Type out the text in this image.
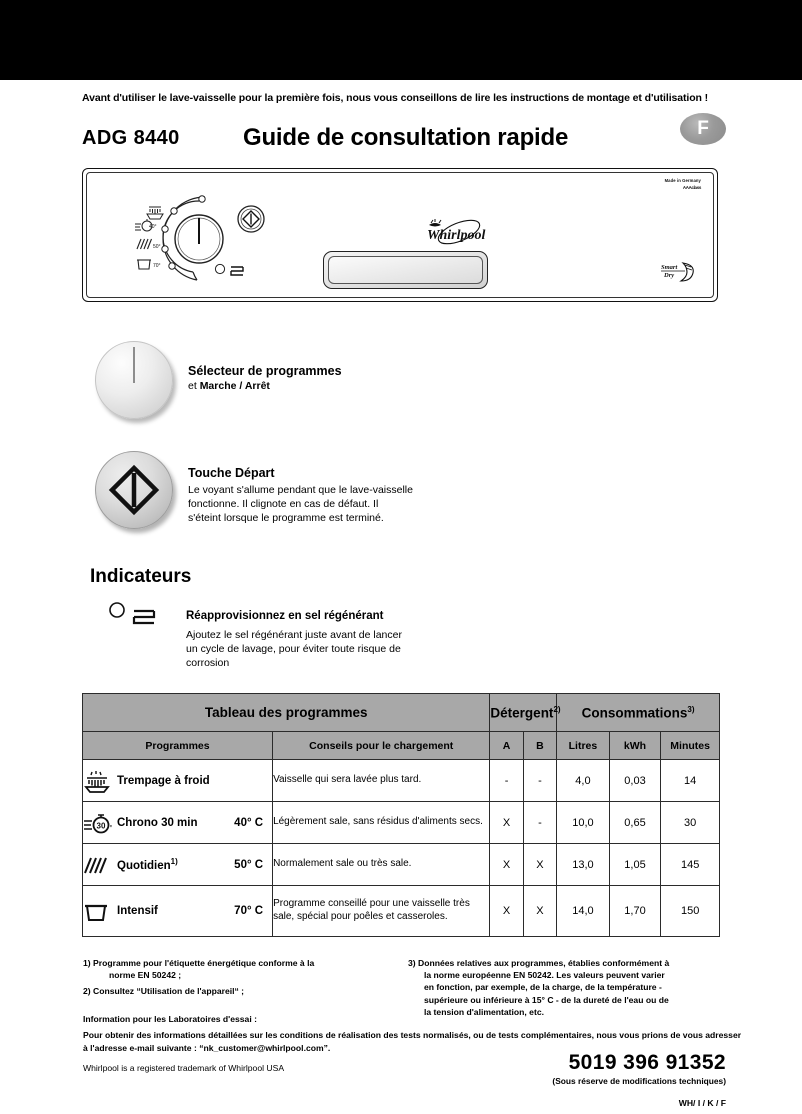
Avant d'utiliser le lave-vaisselle pour la première fois, nous vous conseillons de lire les instructions de montage et d'utilisation !
ADG 8440	Guide de consultation rapide	F
Made in Germany
AAAclass
40°
50°
70°
Whirlpool
Smart
Dry
Sélecteur de programmes
et Marche / Arrêt
Touche Départ
Le voyant s'allume pendant que le lave-vaisselle fonctionne. Il clignote en cas de défaut. Il s'éteint lorsque le programme est terminé.
Indicateurs
Réapprovisionnez en sel régénérant
Ajoutez le sel régénérant juste avant de lancer un cycle de lavage, pour éviter toute risque de corrosion
Tableau des programmes		Détergent$^{2)}$		Consommations$^{3)}$
Programmes	Conseils pour le chargement	A	B	Litres	kWh	Minutes

Trempage à froid	Vaisselle qui sera lavée plus tard.	-	-	4,0	0,03	14

30 ' Chrono 30 min 40° C	Légèrement sale, sans résidus d'aliments secs.	X	-	10,0	0,65	30

Quotidien$^{1)}$ 50° C	Normalement sale ou très sale.	X	X	13,0	1,05	145

Intensif 70° C	Programme conseillé pour une vaisselle très sale, spécial pour poêles et casseroles.	X	X	14,0	1,70	150
1) Programme pour l'étiquette énergétique conforme à la
norme EN 50242 ;
2) Consultez “Utilisation de l'appareil“ ;
3) Données relatives aux programmes, établies conformément à
la norme européenne EN 50242. Les valeurs peuvent varier
en fonction, par exemple, de la charge, de la température -
supérieure ou inférieure à 15° C - de la dureté de l'eau ou de
la tension d'alimentation, etc.
Information pour les Laboratoires d'essai :
Pour obtenir des informations détaillées sur les conditions de réalisation des tests normalisés, ou de tests complémentaires, nous vous prions de vous adresser à l'adresse e-mail suivante : “nk_customer@whirlpool.com”.
Whirlpool is a registered trademark of Whirlpool USA	5019 396 91352
(Sous réserve de modifications techniques)
WH/ I / K / F
